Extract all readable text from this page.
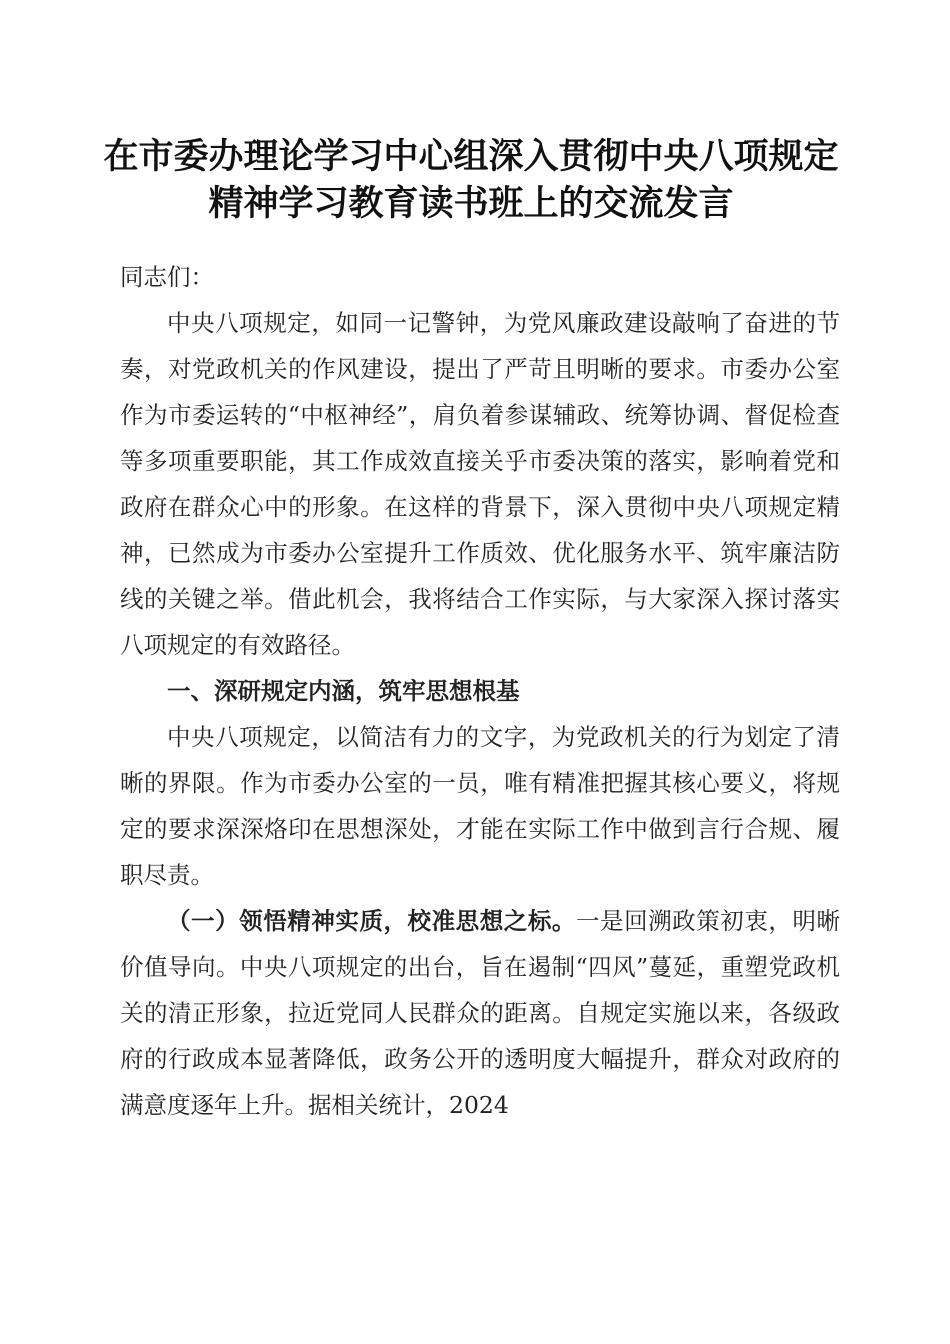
在市委办理论学习中心组深入贯彻中央八项规定精神学习教育读书班上的交流发言

同志们：

中央八项规定，如同一记警钟，为党风廉政建设敲响了奋进的节奏，对党政机关的作风建设，提出了严苛且明晰的要求。市委办公室作为市委运转的“中枢神经”，肩负着参谋辅政、统筹协调、督促检查等多项重要职能，其工作成效直接关乎市委决策的落实，影响着党和政府在群众心中的形象。在这样的背景下，深入贯彻中央八项规定精神，已然成为市委办公室提升工作质效、优化服务水平、筑牢廉洁防线的关键之举。借此机会，我将结合工作实际，与大家深入探讨落实八项规定的有效路径。

一、深研规定内涵，筑牢思想根基

中央八项规定，以简洁有力的文字，为党政机关的行为划定了清晰的界限。作为市委办公室的一员，唯有精准把握其核心要义，将规定的要求深深烙印在思想深处，才能在实际工作中做到言行合规、履职尽责。

（一）领悟精神实质，校准思想之标。一是回溯政策初衷，明晰价值导向。中央八项规定的出台，旨在遏制“四风”蔓延，重塑党政机关的清正形象，拉近党同人民群众的距离。自规定实施以来，各级政府的行政成本显著降低，政务公开的透明度大幅提升，群众对政府的满意度逐年上升。据相关统计，2024
